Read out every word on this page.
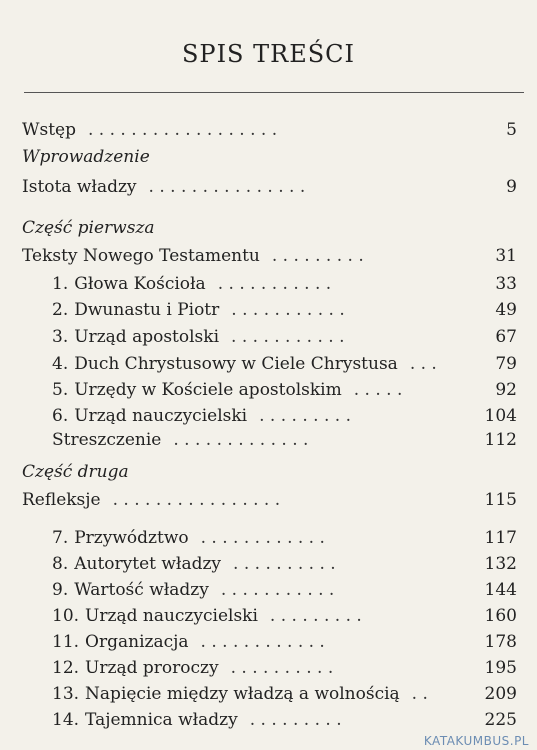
SPIS TREŚCI
Wstęp . . . . . . . . . . . . . . . . . .	5
Wprowadzenie
Istota władzy . . . . . . . . . . . . . . .	9
Część pierwsza
Teksty Nowego Testamentu . . . . . . . . .	31
1. Głowa Kościoła . . . . . . . . . . .	33
2. Dwunastu i Piotr . . . . . . . . . . .	49
3. Urząd apostolski . . . . . . . . . . .	67
4. Duch Chrystusowy w Ciele Chrystusa . . .	79
5. Urzędy w Kościele apostolskim . . . . .	92
6. Urząd nauczycielski . . . . . . . . .	104
Streszczenie . . . . . . . . . . . . .	112
Część druga
Refleksje . . . . . . . . . . . . . . . .	115
7. Przywództwo . . . . . . . . . . . .	117
8. Autorytet władzy . . . . . . . . . .	132
9. Wartość władzy . . . . . . . . . . .	144
10. Urząd nauczycielski . . . . . . . . .	160
11. Organizacja . . . . . . . . . . . .	178
12. Urząd proroczy . . . . . . . . . .	195
13. Napięcie między władzą a wolnością . .	209
14. Tajemnica władzy . . . . . . . . .	225
KATAKUMBUS.PL
